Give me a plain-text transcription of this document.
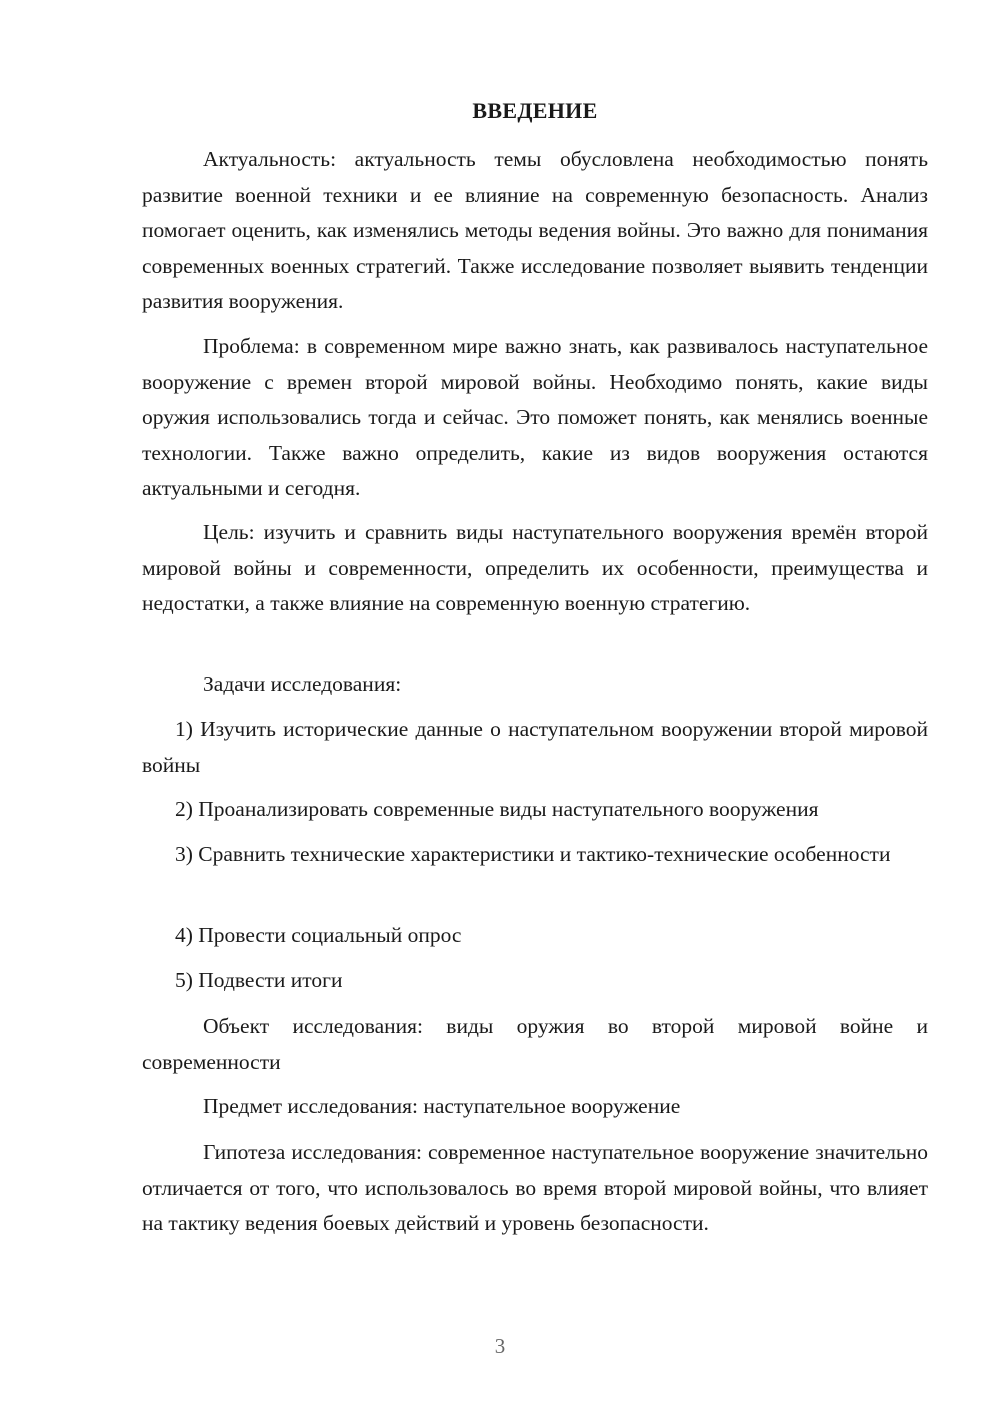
ВВЕДЕНИЕ

Актуальность: актуальность темы обусловлена необходимостью понять развитие военной техники и ее влияние на современную безопасность. Анализ помогает оценить, как изменялись методы ведения войны. Это важно для понимания современных военных стратегий. Также исследование позволяет выявить тенденции развития вооружения.

Проблема: в современном мире важно знать, как развивалось наступательное вооружение с времен второй мировой войны. Необходимо понять, какие виды оружия использовались тогда и сейчас. Это поможет понять, как менялись военные технологии. Также важно определить, какие из видов вооружения остаются актуальными и сегодня.

Цель: изучить и сравнить виды наступательного вооружения времён второй мировой войны и современности, определить их особенности, преимущества и недостатки, а также влияние на современную военную стратегию.

Задачи исследования:

1) Изучить исторические данные о наступательном вооружении второй мировой войны

2) Проанализировать современные виды наступательного вооружения

3) Сравнить технические характеристики и тактико-технические особенности

4) Провести социальный опрос

5) Подвести итоги

Объект исследования: виды оружия во второй мировой войне и современности

Предмет исследования: наступательное вооружение

Гипотеза исследования: современное наступательное вооружение значительно отличается от того, что использовалось во время второй мировой войны, что влияет на тактику ведения боевых действий и уровень безопасности.

3
